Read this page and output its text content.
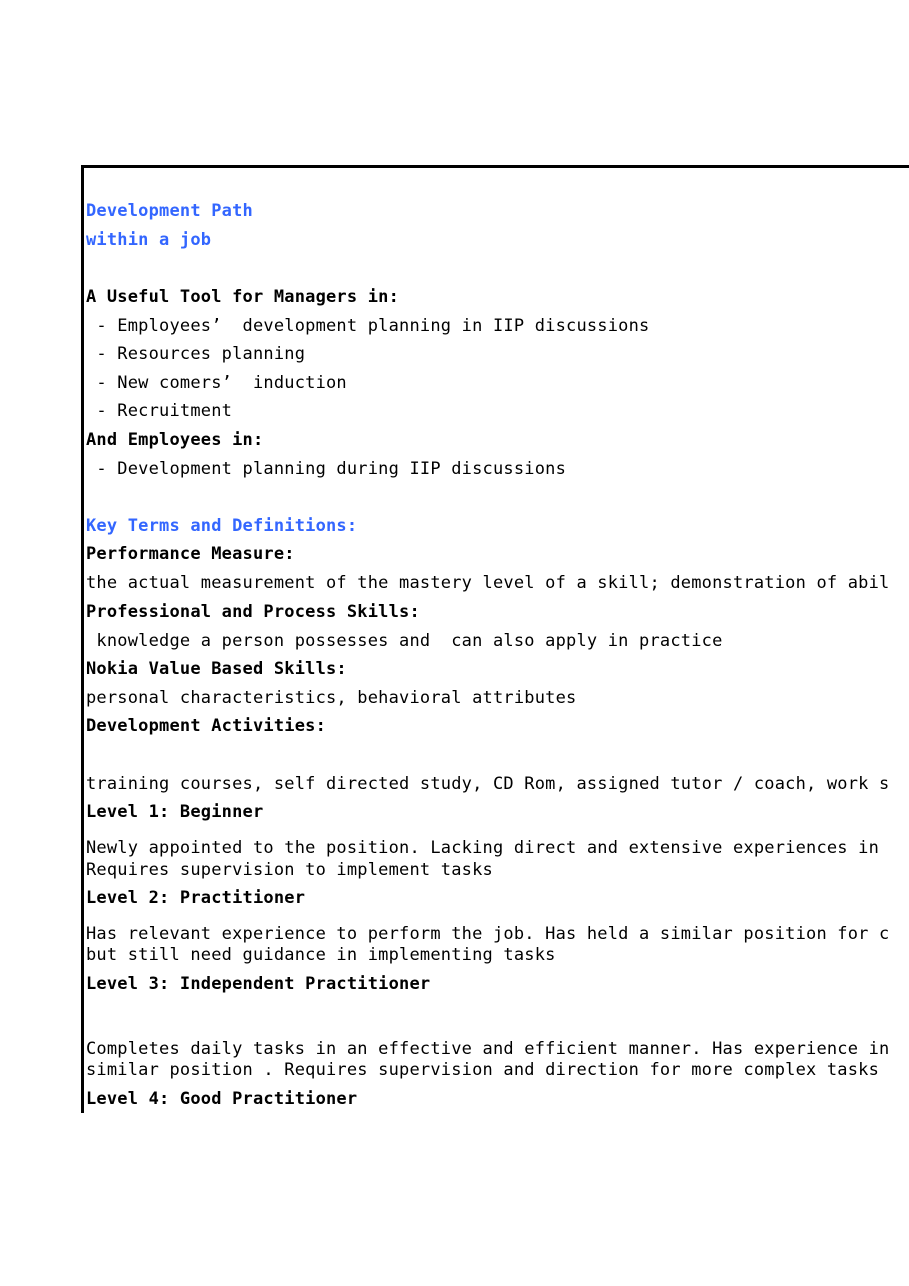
Development Path
within a job
A Useful Tool for Managers in:
- Employees’  development planning in IIP discussions
- Resources planning
- New comers’  induction
- Recruitment
And Employees in:
- Development planning during IIP discussions
Key Terms and Definitions:
Performance Measure:
the actual measurement of the mastery level of a skill; demonstration of abil
Professional and Process Skills:
knowledge a person possesses and  can also apply in practice
Nokia Value Based Skills:
personal characteristics, behavioral attributes
Development Activities:
training courses, self directed study, CD Rom, assigned tutor / coach, work s
Level 1: Beginner
Newly appointed to the position. Lacking direct and extensive experiences in
Requires supervision to implement tasks
Level 2: Practitioner
Has relevant experience to perform the job. Has held a similar position for c
but still need guidance in implementing tasks
Level 3: Independent Practitioner
Completes daily tasks in an effective and efficient manner. Has experience in
similar position . Requires supervision and direction for more complex tasks
Level 4: Good Practitioner
